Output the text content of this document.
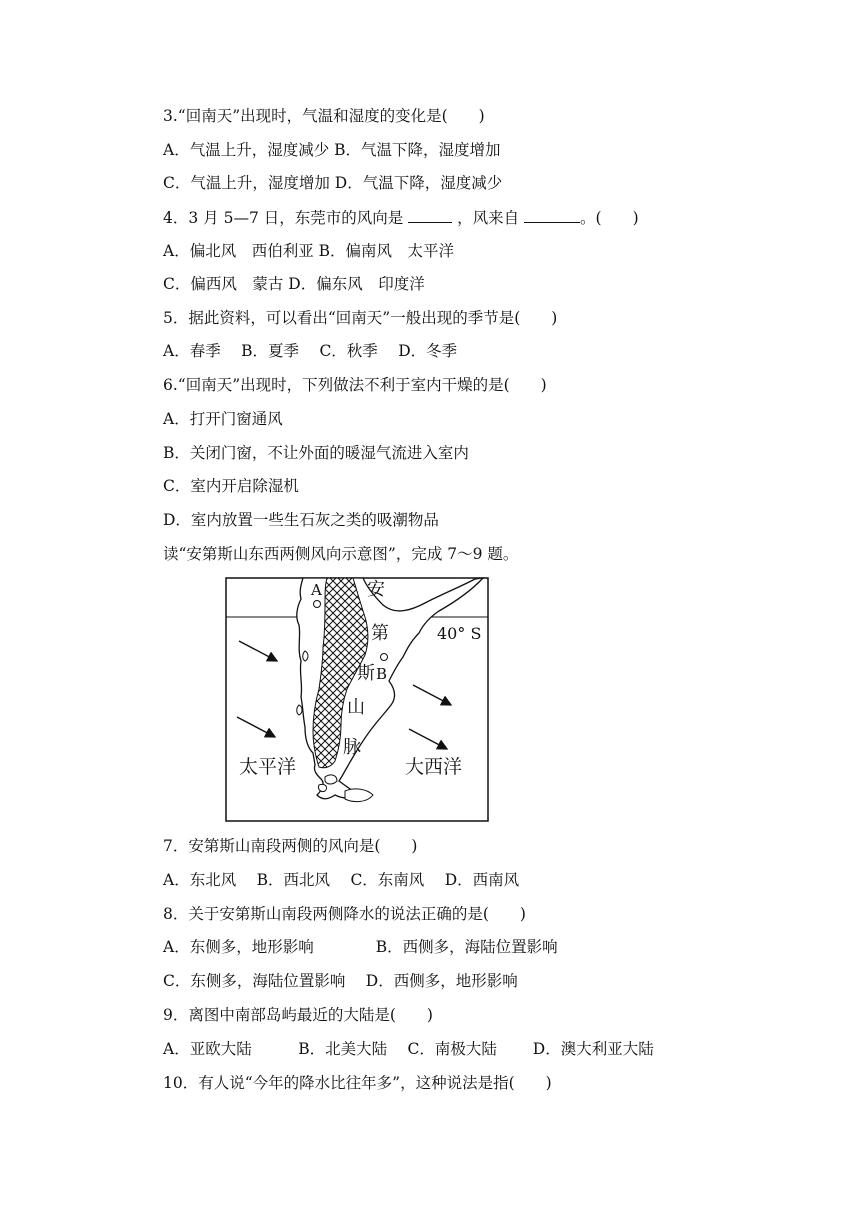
3.“回南天”出现时，气温和湿度的变化是(　　)
A．气温上升，湿度减少 B．气温下降，湿度增加
C．气温上升，湿度增加 D．气温下降，湿度减少
4．3 月 5—7 日，东莞市的风向是	，风来自	。(　　)
A．偏北风　西伯利亚 B．偏南风　太平洋
C．偏西风　蒙古 D．偏东风　印度洋
5．据此资料，可以看出“回南天”一般出现的季节是(　　)
A．春季　 B．夏季　 C．秋季　 D．冬季
6.“回南天”出现时，下列做法不利于室内干燥的是(　　)
A．打开门窗通风
B．关闭门窗，不让外面的暖湿气流进入室内
C．室内开启除湿机
D．室内放置一些生石灰之类的吸潮物品
读“安第斯山东西两侧风向示意图”，完成 7～9 题。
安
第
斯
山
脉
A
B
40° S
太平洋	大西洋
7．安第斯山南段两侧的风向是(　　)
A．东北风　 B．西北风　 C．东南风　 D．西南风
8．关于安第斯山南段两侧降水的说法正确的是(　　)
A．东侧多，地形影响　　　　B．西侧多，海陆位置影响
C．东侧多，海陆位置影响　 D．西侧多，地形影响
9．离图中南部岛屿最近的大陆是(　　)
A．亚欧大陆　　　B．北美大陆　 C．南极大陆　　 D．澳大利亚大陆
10．有人说“今年的降水比往年多”，这种说法是指(　　)
